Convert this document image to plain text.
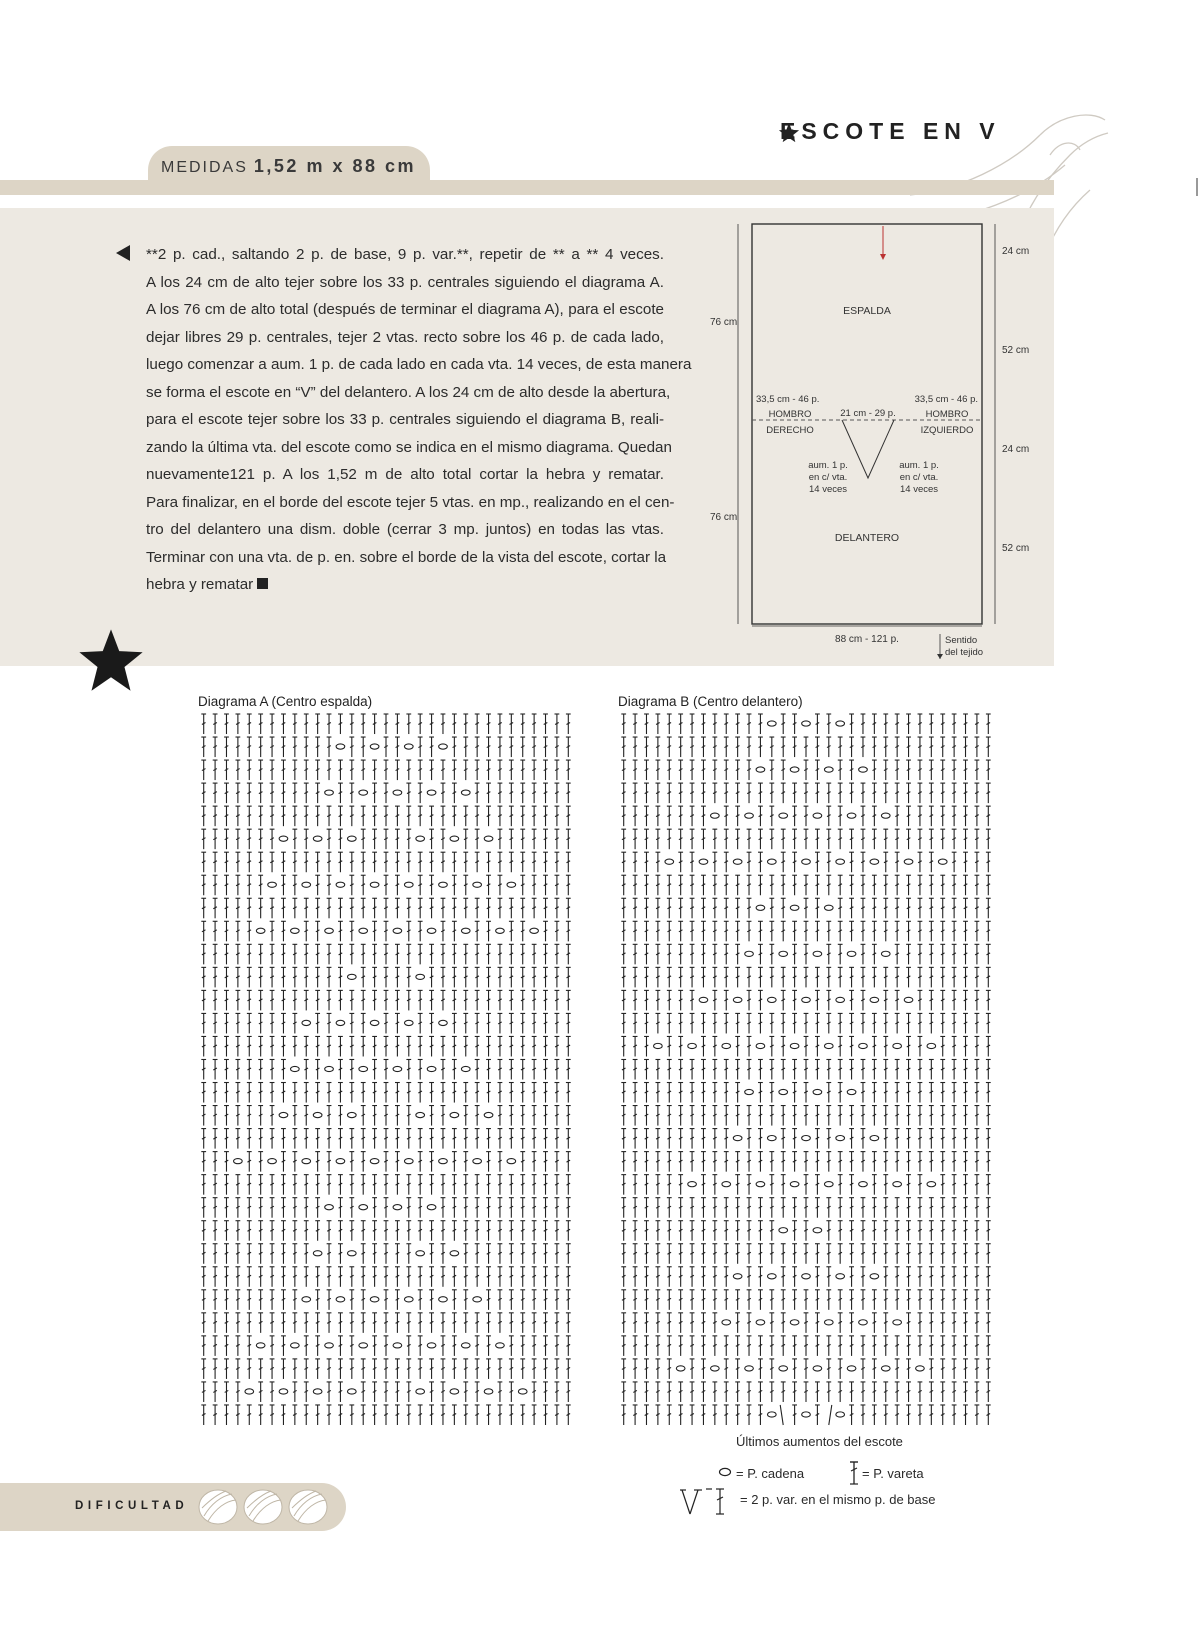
ESCOTE EN V
MEDIDAS 1,52 m x 88 cm
**2 p. cad., saltando 2 p. de base, 9 p. var.**, repetir de ** a ** 4 veces.
A los 24 cm de alto tejer sobre los 33 p. centrales siguiendo el diagrama A.
A los 76 cm de alto total (después de terminar el diagrama A), para el escote
dejar libres 29 p. centrales, tejer 2 vtas. recto sobre los 46 p. de cada lado,
luego comenzar a aum. 1 p. de cada lado en cada vta. 14 veces, de esta manera
se forma el escote en “V” del delantero. A los 24 cm de alto desde la abertura,
para el escote tejer sobre los 33 p. centrales siguiendo el diagrama B, reali-
zando la última vta. del escote como se indica en el mismo diagrama. Quedan
nuevamente121 p. A los 1,52 m de alto total cortar la hebra y rematar.
Para finalizar, en el borde del escote tejer 5 vtas. en mp., realizando en el cen-
tro del delantero una dism. doble (cerrar 3 mp. juntos) en todas las vtas.
Terminar con una vta. de p. en. sobre el borde de la vista del escote, cortar la
hebra y rematar
ESPALDA
DELANTERO
76 cm
76 cm
24 cm
52 cm
24 cm
52 cm
33,5 cm - 46 p.
HOMBRO
DERECHO
21 cm - 29 p.
33,5 cm - 46 p.
HOMBRO
IZQUIERDO
aum. 1 p.
en c/ vta.
14 veces
aum. 1 p.
en c/ vta.
14 veces
88 cm - 121 p.	Sentido
del tejido
Diagrama A (Centro espalda)	Diagrama B (Centro delantero)
Últimos aumentos del escote
= P. cadena	= P. vareta
= 2 p. var. en el mismo p. de base
DIFICULTAD
